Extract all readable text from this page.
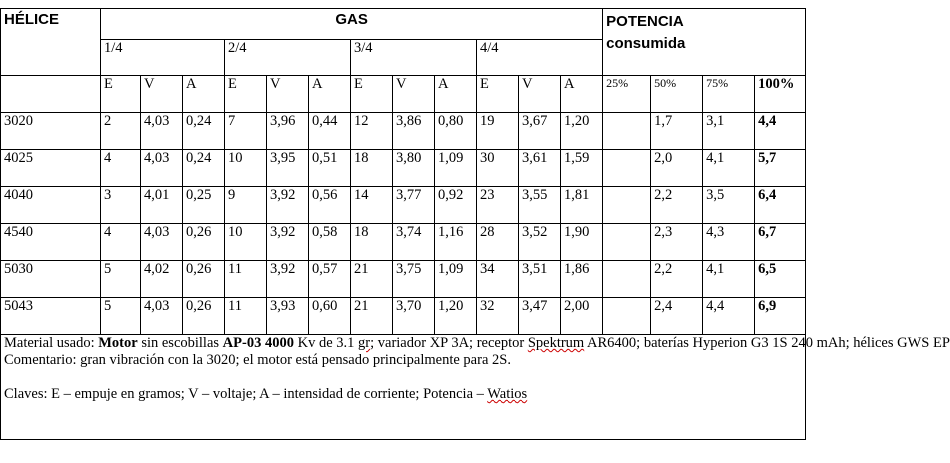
HÉLICE	GAS												POTENCIA
consumida			
	1/4			2/4			3/4			4/4						
	E	V	A	E	V	A	E	V	A	E	V	A	25%	50%	75%	100%
3020	2	4,03	0,24	7	3,96	0,44	12	3,86	0,80	19	3,67	1,20		1,7	3,1	4,4
4025	4	4,03	0,24	10	3,95	0,51	18	3,80	1,09	30	3,61	1,59		2,0	4,1	5,7
4040	3	4,01	0,25	9	3,92	0,56	14	3,77	0,92	23	3,55	1,81		2,2	3,5	6,4
4540	4	4,03	0,26	10	3,92	0,58	18	3,74	1,16	28	3,52	1,90		2,3	4,3	6,7
5030	5	4,02	0,26	11	3,92	0,57	21	3,75	1,09	34	3,51	1,86		2,2	4,1	6,5
5043	5	4,03	0,26	11	3,93	0,60	21	3,70	1,20	32	3,47	2,00		2,4	4,4	6,9

Material usado: Motor sin escobillas AP-03 4000 Kv de 3.1 gr; variador XP 3A; receptor Spektrum AR6400; baterías Hyperion G3 1S 240 mAh; hélices GWS EP
Comentario: gran vibración con la 3020; el motor está pensado principalmente para 2S.
Claves: E – empuje en gramos; V – voltaje; A – intensidad de corriente; Potencia – Watios																
